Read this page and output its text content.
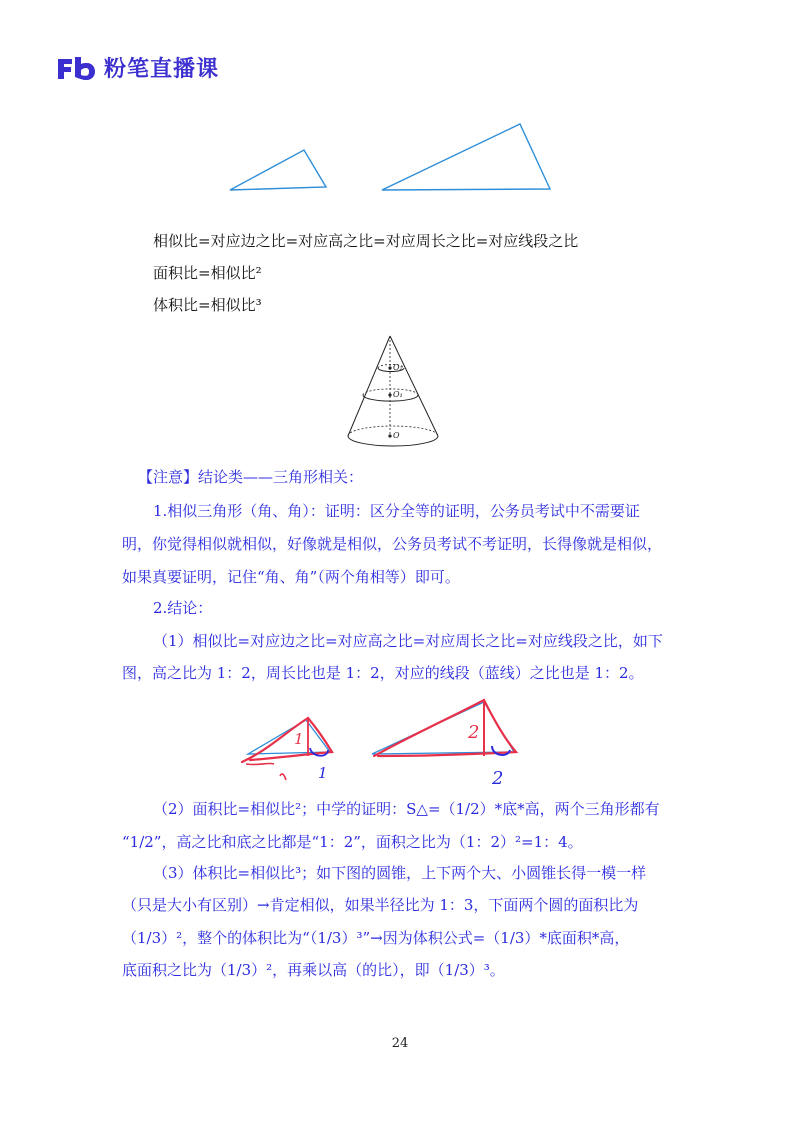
粉笔直播课
相似比=对应边之比=对应高之比=对应周长之比=对应线段之比
面积比=相似比²
体积比=相似比³
O₂
O₁
O
【注意】结论类——三角形相关：
1.相似三角形（角、角）：证明：区分全等的证明，公务员考试中不需要证
明，你觉得相似就相似，好像就是相似，公务员考试不考证明，长得像就是相似，
如果真要证明，记住“角、角”（两个角相等）即可。
2.结论：
（1）相似比=对应边之比=对应高之比=对应周长之比=对应线段之比，如下
图，高之比为 1：2，周长比也是 1：2，对应的线段（蓝线）之比也是 1：2。
1
1
2
2
（2）面积比=相似比²；中学的证明：S△=（1/2）*底*高，两个三角形都有
“1/2”，高之比和底之比都是“1：2”，面积之比为（1：2）²=1：4。
（3）体积比=相似比³；如下图的圆锥，上下两个大、小圆锥长得一模一样
（只是大小有区别）→肯定相似，如果半径比为 1：3，下面两个圆的面积比为
（1/3）²，整个的体积比为“（1/3）³”→因为体积公式=（1/3）*底面积*高，
底面积之比为（1/3）²，再乘以高（的比），即（1/3）³。
24
